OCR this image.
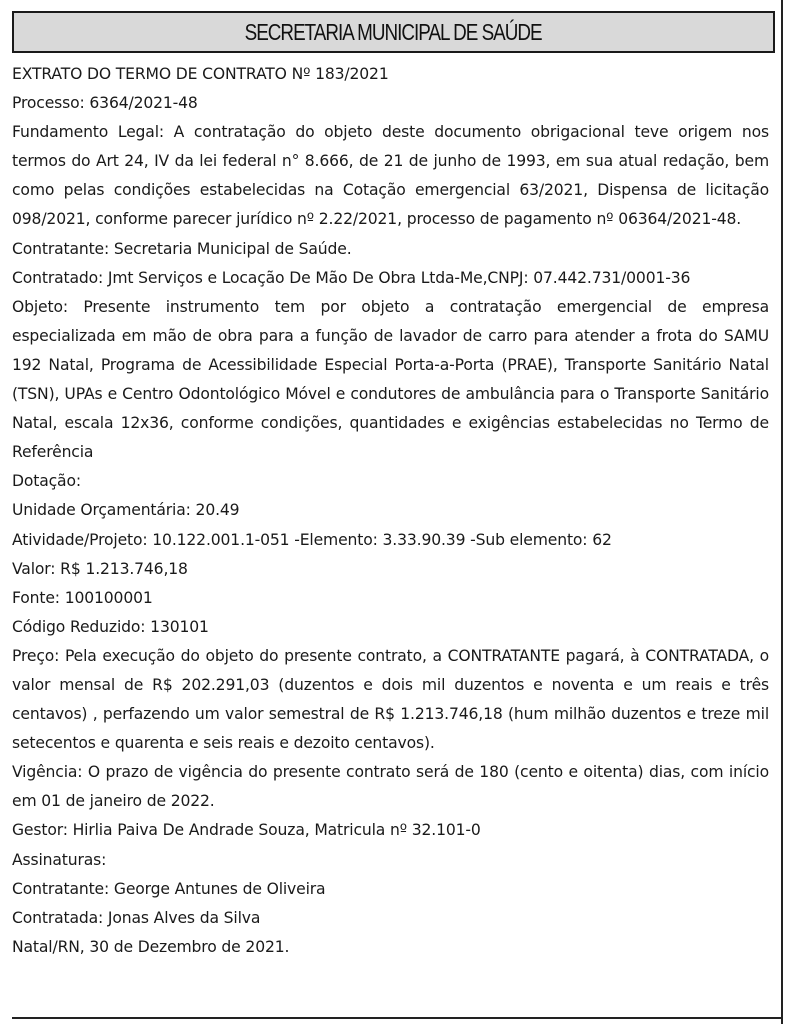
SECRETARIA MUNICIPAL DE SAÚDE

EXTRATO DO TERMO DE CONTRATO Nº 183/2021

Processo: 6364/2021-48

Fundamento Legal: A contratação do objeto deste documento obrigacional teve origem nos termos do Art 24, IV da lei federal n° 8.666, de 21 de junho de 1993, em sua atual redação, bem como pelas condições estabelecidas na Cotação emergencial 63/2021, Dispensa de licitação 098/2021, conforme parecer jurídico nº 2.22/2021, processo de pagamento nº 06364/2021-48.

Contratante: Secretaria Municipal de Saúde.

Contratado: Jmt Serviços e Locação De Mão De Obra Ltda-Me,CNPJ: 07.442.731/0001-36

Objeto: Presente instrumento tem por objeto a contratação emergencial de empresa especializada em mão de obra para a função de lavador de carro para atender a frota do SAMU 192 Natal, Programa de Acessibilidade Especial Porta-a-Porta (PRAE), Transporte Sanitário Natal (TSN), UPAs e Centro Odontológico Móvel e condutores de ambulância para o Transporte Sanitário Natal, escala 12x36, conforme condições, quantidades e exigências estabelecidas no Termo de Referência

Dotação:

Unidade Orçamentária: 20.49

Atividade/Projeto: 10.122.001.1-051 -Elemento: 3.33.90.39 -Sub elemento: 62

Valor: R$ 1.213.746,18

Fonte: 100100001

Código Reduzido: 130101

Preço: Pela execução do objeto do presente contrato, a CONTRATANTE pagará, à CONTRATADA, o valor mensal de R$ 202.291,03 (duzentos e dois mil duzentos e noventa e um reais e três centavos) , perfazendo um valor semestral de R$ 1.213.746,18 (hum milhão duzentos e treze mil setecentos e quarenta e seis reais e dezoito centavos).

Vigência: O prazo de vigência do presente contrato será de 180 (cento e oitenta) dias, com início em 01 de janeiro de 2022.

Gestor: Hirlia Paiva De Andrade Souza, Matricula nº 32.101-0

Assinaturas:

Contratante: George Antunes de Oliveira

Contratada: Jonas Alves da Silva

Natal/RN, 30 de Dezembro de 2021.
